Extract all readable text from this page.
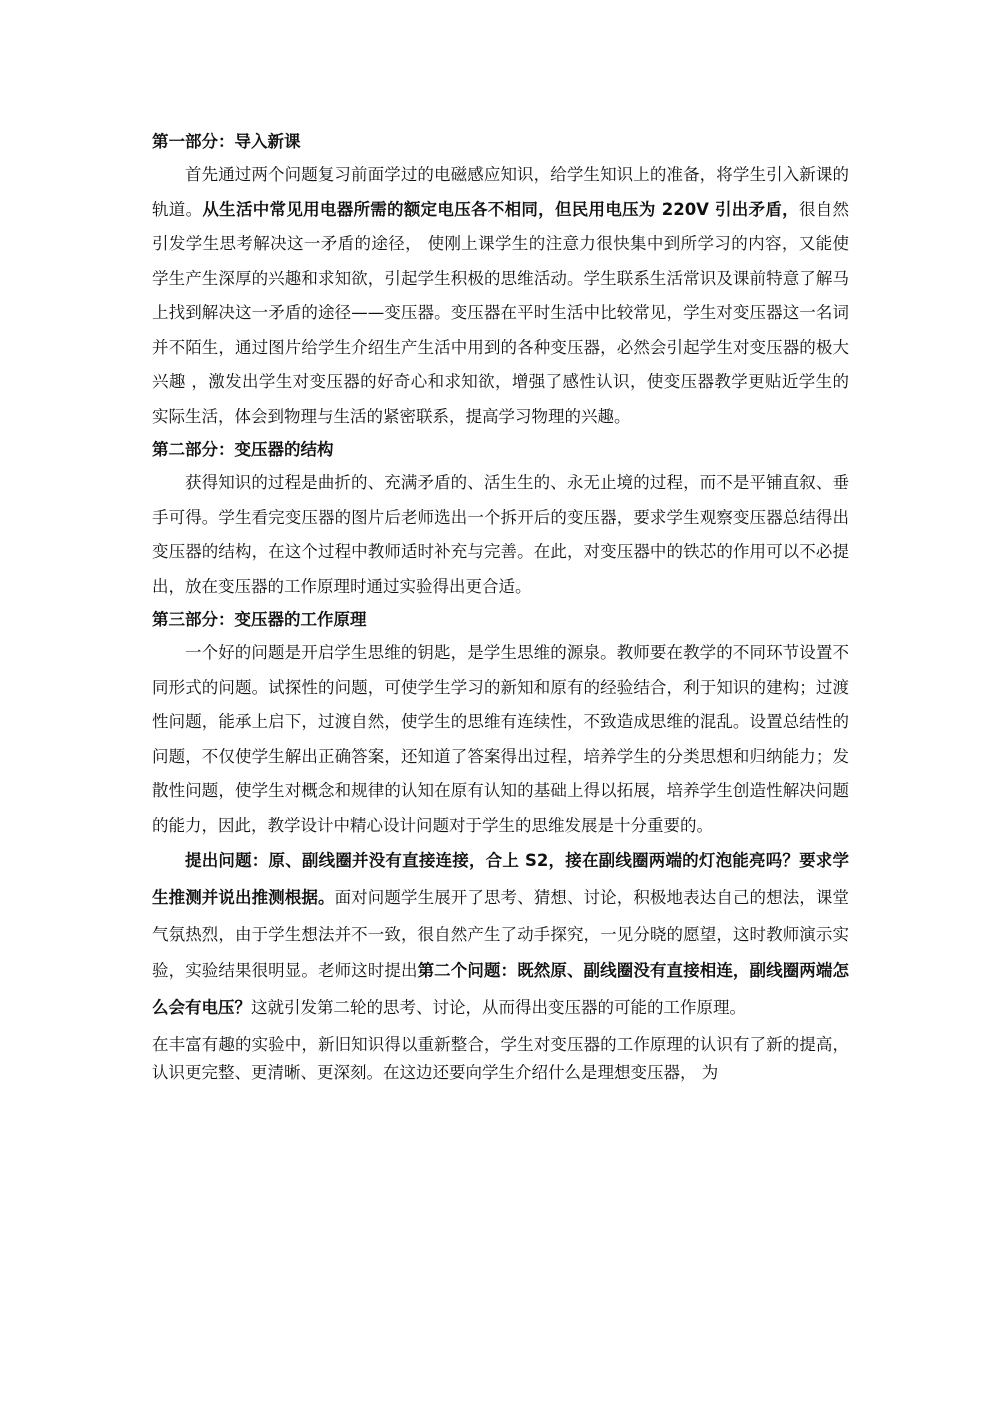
第一部分：导入新课

首先通过两个问题复习前面学过的电磁感应知识，给学生知识上的准备，将学生引入新课的轨道。从生活中常见用电器所需的额定电压各不相同，但民用电压为 220V 引出矛盾，很自然引发学生思考解决这一矛盾的途径， 使刚上课学生的注意力很快集中到所学习的内容，又能使学生产生深厚的兴趣和求知欲，引起学生积极的思维活动。学生联系生活常识及课前特意了解马上找到解决这一矛盾的途径——变压器。变压器在平时生活中比较常见，学生对变压器这一名词并不陌生，通过图片给学生介绍生产生活中用到的各种变压器，必然会引起学生对变压器的极大兴趣 ，激发出学生对变压器的好奇心和求知欲，增强了感性认识，使变压器教学更贴近学生的实际生活，体会到物理与生活的紧密联系，提高学习物理的兴趣。

第二部分：变压器的结构

获得知识的过程是曲折的、充满矛盾的、活生生的、永无止境的过程，而不是平铺直叙、垂手可得。学生看完变压器的图片后老师选出一个拆开后的变压器，要求学生观察变压器总结得出变压器的结构，在这个过程中教师适时补充与完善。在此，对变压器中的铁芯的作用可以不必提出，放在变压器的工作原理时通过实验得出更合适。

第三部分：变压器的工作原理

一个好的问题是开启学生思维的钥匙，是学生思维的源泉。教师要在教学的不同环节设置不同形式的问题。试探性的问题，可使学生学习的新知和原有的经验结合，利于知识的建构；过渡性问题，能承上启下，过渡自然，使学生的思维有连续性，不致造成思维的混乱。设置总结性的问题，不仅使学生解出正确答案，还知道了答案得出过程，培养学生的分类思想和归纳能力；发散性问题，使学生对概念和规律的认知在原有认知的基础上得以拓展，培养学生创造性解决问题的能力，因此，教学设计中精心设计问题对于学生的思维发展是十分重要的。

提出问题：原、副线圈并没有直接连接，合上 S2，接在副线圈两端的灯泡能亮吗？要求学生推测并说出推测根据。面对问题学生展开了思考、猜想、讨论，积极地表达自己的想法，课堂气氛热烈，由于学生想法并不一致，很自然产生了动手探究，一见分晓的愿望，这时教师演示实验，实验结果很明显。老师这时提出第二个问题：既然原、副线圈没有直接相连，副线圈两端怎么会有电压？这就引发第二轮的思考、讨论，从而得出变压器的可能的工作原理。

在丰富有趣的实验中，新旧知识得以重新整合，学生对变压器的工作原理的认识有了新的提高，认识更完整、更清晰、更深刻。在这边还要向学生介绍什么是理想变压器， 为
